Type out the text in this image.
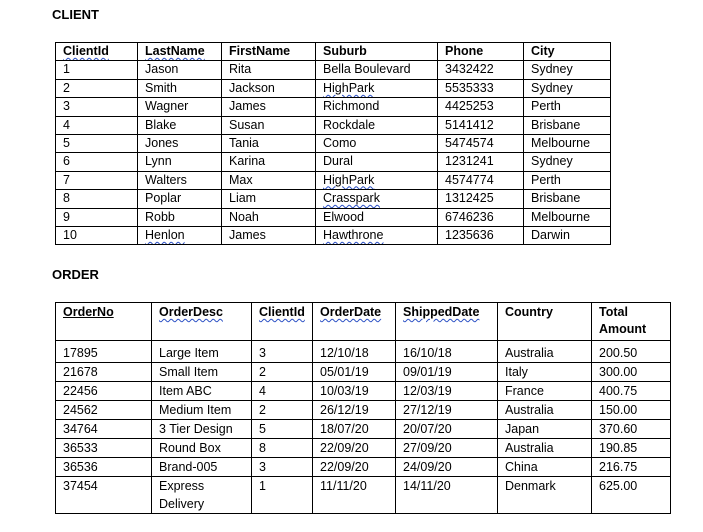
CLIENT
ClientId	LastName	FirstName	Suburb	Phone	City
1	Jason	Rita	Bella Boulevard	3432422	Sydney
2	Smith	Jackson	HighPark	5535333	Sydney
3	Wagner	James	Richmond	4425253	Perth
4	Blake	Susan	Rockdale	5141412	Brisbane
5	Jones	Tania	Como	5474574	Melbourne
6	Lynn	Karina	Dural	1231241	Sydney
7	Walters	Max	HighPark	4574774	Perth
8	Poplar	Liam	Crasspark	1312425	Brisbane
9	Robb	Noah	Elwood	6746236	Melbourne
10	Henlon	James	Hawthrone	1235636	Darwin
ORDER
OrderNo	OrderDesc	ClientId	OrderDate	ShippedDate	Country	Total Amount
17895	Large Item	3	12/10/18	16/10/18	Australia	200.50
21678	Small Item	2	05/01/19	09/01/19	Italy	300.00
22456	Item ABC	4	10/03/19	12/03/19	France	400.75
24562	Medium Item	2	26/12/19	27/12/19	Australia	150.00
34764	3 Tier Design	5	18/07/20	20/07/20	Japan	370.60
36533	Round Box	8	22/09/20	27/09/20	Australia	190.85
36536	Brand-005	3	22/09/20	24/09/20	China	216.75
37454	Express Delivery	1	11/11/20	14/11/20	Denmark	625.00
